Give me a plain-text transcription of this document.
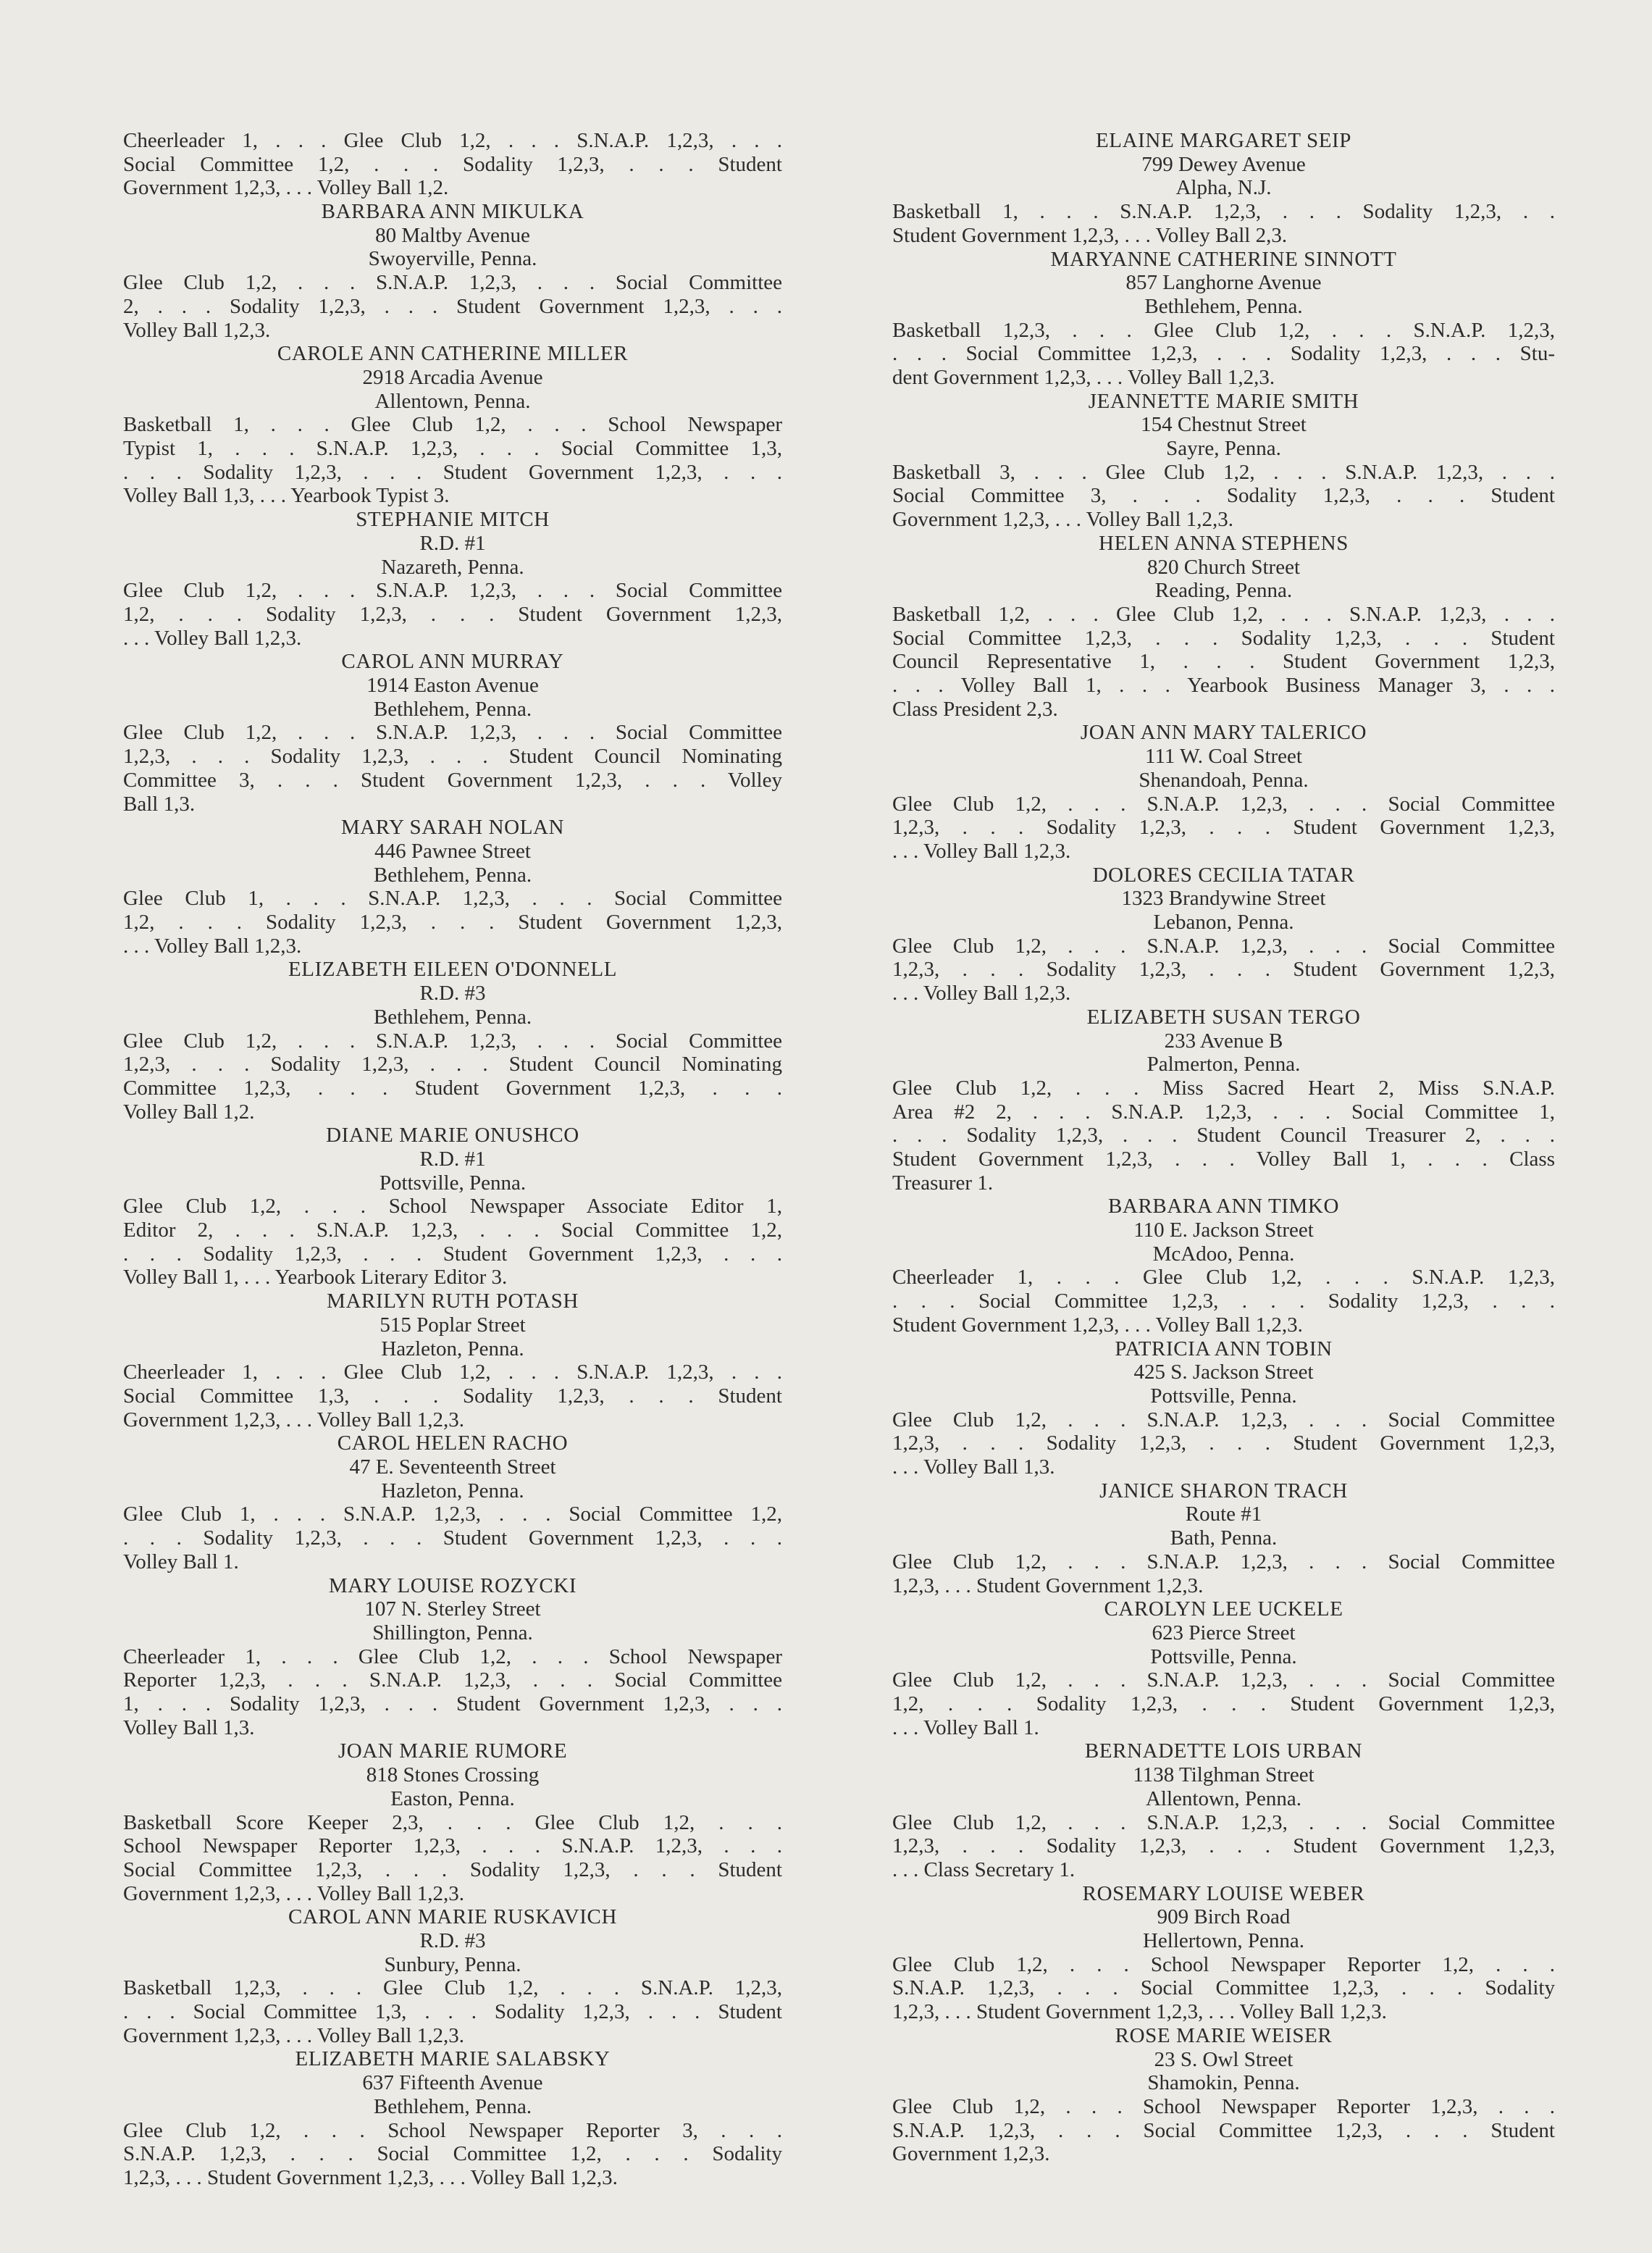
Cheerleader 1, . . . Glee Club 1,2, . . . S.N.A.P. 1,2,3, . . .
Social Committee 1,2, . . . Sodality 1,2,3, . . . Student
Government 1,2,3, . . . Volley Ball 1,2.
BARBARA ANN MIKULKA
80 Maltby Avenue
Swoyerville, Penna.
Glee Club 1,2, . . . S.N.A.P. 1,2,3, . . . Social Committee
2, . . . Sodality 1,2,3, . . . Student Government 1,2,3, . . .
Volley Ball 1,2,3.
CAROLE ANN CATHERINE MILLER
2918 Arcadia Avenue
Allentown, Penna.
Basketball 1, . . . Glee Club 1,2, . . . School Newspaper
Typist 1, . . . S.N.A.P. 1,2,3, . . . Social Committee 1,3,
. . . Sodality 1,2,3, . . . Student Government 1,2,3, . . .
Volley Ball 1,3, . . . Yearbook Typist 3.
STEPHANIE MITCH
R.D. #1
Nazareth, Penna.
Glee Club 1,2, . . . S.N.A.P. 1,2,3, . . . Social Committee
1,2, . . . Sodality 1,2,3, . . . Student Government 1,2,3,
. . . Volley Ball 1,2,3.
CAROL ANN MURRAY
1914 Easton Avenue
Bethlehem, Penna.
Glee Club 1,2, . . . S.N.A.P. 1,2,3, . . . Social Committee
1,2,3, . . . Sodality 1,2,3, . . . Student Council Nominating
Committee 3, . . . Student Government 1,2,3, . . . Volley
Ball 1,3.
MARY SARAH NOLAN
446 Pawnee Street
Bethlehem, Penna.
Glee Club 1, . . . S.N.A.P. 1,2,3, . . . Social Committee
1,2, . . . Sodality 1,2,3, . . . Student Government 1,2,3,
. . . Volley Ball 1,2,3.
ELIZABETH EILEEN O'DONNELL
R.D. #3
Bethlehem, Penna.
Glee Club 1,2, . . . S.N.A.P. 1,2,3, . . . Social Committee
1,2,3, . . . Sodality 1,2,3, . . . Student Council Nominating
Committee 1,2,3, . . . Student Government 1,2,3, . . .
Volley Ball 1,2.
DIANE MARIE ONUSHCO
R.D. #1
Pottsville, Penna.
Glee Club 1,2, . . . School Newspaper Associate Editor 1,
Editor 2, . . . S.N.A.P. 1,2,3, . . . Social Committee 1,2,
. . . Sodality 1,2,3, . . . Student Government 1,2,3, . . .
Volley Ball 1, . . . Yearbook Literary Editor 3.
MARILYN RUTH POTASH
515 Poplar Street
Hazleton, Penna.
Cheerleader 1, . . . Glee Club 1,2, . . . S.N.A.P. 1,2,3, . . .
Social Committee 1,3, . . . Sodality 1,2,3, . . . Student
Government 1,2,3, . . . Volley Ball 1,2,3.
CAROL HELEN RACHO
47 E. Seventeenth Street
Hazleton, Penna.
Glee Club 1, . . . S.N.A.P. 1,2,3, . . . Social Committee 1,2,
. . . Sodality 1,2,3, . . . Student Government 1,2,3, . . .
Volley Ball 1.
MARY LOUISE ROZYCKI
107 N. Sterley Street
Shillington, Penna.
Cheerleader 1, . . . Glee Club 1,2, . . . School Newspaper
Reporter 1,2,3, . . . S.N.A.P. 1,2,3, . . . Social Committee
1, . . . Sodality 1,2,3, . . . Student Government 1,2,3, . . .
Volley Ball 1,3.
JOAN MARIE RUMORE
818 Stones Crossing
Easton, Penna.
Basketball Score Keeper 2,3, . . . Glee Club 1,2, . . .
School Newspaper Reporter 1,2,3, . . . S.N.A.P. 1,2,3, . . .
Social Committee 1,2,3, . . . Sodality 1,2,3, . . . Student
Government 1,2,3, . . . Volley Ball 1,2,3.
CAROL ANN MARIE RUSKAVICH
R.D. #3
Sunbury, Penna.
Basketball 1,2,3, . . . Glee Club 1,2, . . . S.N.A.P. 1,2,3,
. . . Social Committee 1,3, . . . Sodality 1,2,3, . . . Student
Government 1,2,3, . . . Volley Ball 1,2,3.
ELIZABETH MARIE SALABSKY
637 Fifteenth Avenue
Bethlehem, Penna.
Glee Club 1,2, . . . School Newspaper Reporter 3, . . .
S.N.A.P. 1,2,3, . . . Social Committee 1,2, . . . Sodality
1,2,3, . . . Student Government 1,2,3, . . . Volley Ball 1,2,3.
ELAINE MARGARET SEIP
799 Dewey Avenue
Alpha, N.J.
Basketball 1, . . . S.N.A.P. 1,2,3, . . . Sodality 1,2,3, . .
Student Government 1,2,3, . . . Volley Ball 2,3.
MARYANNE CATHERINE SINNOTT
857 Langhorne Avenue
Bethlehem, Penna.
Basketball 1,2,3, . . . Glee Club 1,2, . . . S.N.A.P. 1,2,3,
. . . Social Committee 1,2,3, . . . Sodality 1,2,3, . . . Stu-
dent Government 1,2,3, . . . Volley Ball 1,2,3.
JEANNETTE MARIE SMITH
154 Chestnut Street
Sayre, Penna.
Basketball 3, . . . Glee Club 1,2, . . . S.N.A.P. 1,2,3, . . .
Social Committee 3, . . . Sodality 1,2,3, . . . Student
Government 1,2,3, . . . Volley Ball 1,2,3.
HELEN ANNA STEPHENS
820 Church Street
Reading, Penna.
Basketball 1,2, . . . Glee Club 1,2, . . . S.N.A.P. 1,2,3, . . .
Social Committee 1,2,3, . . . Sodality 1,2,3, . . . Student
Council Representative 1, . . . Student Government 1,2,3,
. . . Volley Ball 1, . . . Yearbook Business Manager 3, . . .
Class President 2,3.
JOAN ANN MARY TALERICO
111 W. Coal Street
Shenandoah, Penna.
Glee Club 1,2, . . . S.N.A.P. 1,2,3, . . . Social Committee
1,2,3, . . . Sodality 1,2,3, . . . Student Government 1,2,3,
. . . Volley Ball 1,2,3.
DOLORES CECILIA TATAR
1323 Brandywine Street
Lebanon, Penna.
Glee Club 1,2, . . . S.N.A.P. 1,2,3, . . . Social Committee
1,2,3, . . . Sodality 1,2,3, . . . Student Government 1,2,3,
. . . Volley Ball 1,2,3.
ELIZABETH SUSAN TERGO
233 Avenue B
Palmerton, Penna.
Glee Club 1,2, . . . Miss Sacred Heart 2, Miss S.N.A.P.
Area #2 2, . . . S.N.A.P. 1,2,3, . . . Social Committee 1,
. . . Sodality 1,2,3, . . . Student Council Treasurer 2, . . .
Student Government 1,2,3, . . . Volley Ball 1, . . . Class
Treasurer 1.
BARBARA ANN TIMKO
110 E. Jackson Street
McAdoo, Penna.
Cheerleader 1, . . . Glee Club 1,2, . . . S.N.A.P. 1,2,3,
. . . Social Committee 1,2,3, . . . Sodality 1,2,3, . . .
Student Government 1,2,3, . . . Volley Ball 1,2,3.
PATRICIA ANN TOBIN
425 S. Jackson Street
Pottsville, Penna.
Glee Club 1,2, . . . S.N.A.P. 1,2,3, . . . Social Committee
1,2,3, . . . Sodality 1,2,3, . . . Student Government 1,2,3,
. . . Volley Ball 1,3.
JANICE SHARON TRACH
Route #1
Bath, Penna.
Glee Club 1,2, . . . S.N.A.P. 1,2,3, . . . Social Committee
1,2,3, . . . Student Government 1,2,3.
CAROLYN LEE UCKELE
623 Pierce Street
Pottsville, Penna.
Glee Club 1,2, . . . S.N.A.P. 1,2,3, . . . Social Committee
1,2, . . . Sodality 1,2,3, . . . Student Government 1,2,3,
. . . Volley Ball 1.
BERNADETTE LOIS URBAN
1138 Tilghman Street
Allentown, Penna.
Glee Club 1,2, . . . S.N.A.P. 1,2,3, . . . Social Committee
1,2,3, . . . Sodality 1,2,3, . . . Student Government 1,2,3,
. . . Class Secretary 1.
ROSEMARY LOUISE WEBER
909 Birch Road
Hellertown, Penna.
Glee Club 1,2, . . . School Newspaper Reporter 1,2, . . .
S.N.A.P. 1,2,3, . . . Social Committee 1,2,3, . . . Sodality
1,2,3, . . . Student Government 1,2,3, . . . Volley Ball 1,2,3.
ROSE MARIE WEISER
23 S. Owl Street
Shamokin, Penna.
Glee Club 1,2, . . . School Newspaper Reporter 1,2,3, . . .
S.N.A.P. 1,2,3, . . . Social Committee 1,2,3, . . . Student
Government 1,2,3.
